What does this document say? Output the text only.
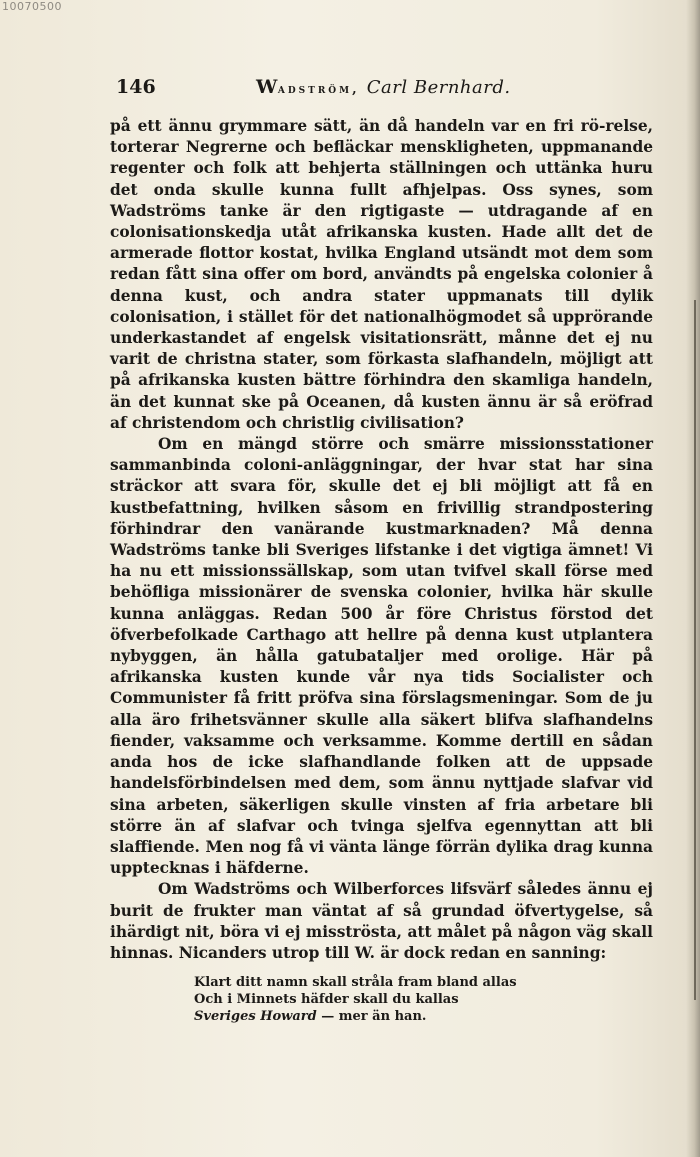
10070500
146	Wadström, Carl Bernhard.

på ett ännu grymmare sätt, än då handeln var en fri rö-relse, torterar Negrerne och befläckar menskligheten, uppmanande regenter och folk att behjerta ställningen och uttänka huru det onda skulle kunna fullt afhjelpas. Oss synes, som Wadströms tanke är den rigtigaste — utdragande af en colonisationskedja utåt afrikanska kusten. Hade allt det de armerade flottor kostat, hvilka England utsändt mot dem som redan fått sina offer om bord, användts på engelska colonier å denna kust, och andra stater uppmanats till dylik colonisation, i stället för det nationalhögmodet så upprörande underkastandet af engelsk visitationsrätt, månne det ej nu varit de christna stater, som förkasta slafhandeln, möjligt att på afrikanska kusten bättre förhindra den skamliga handeln, än det kunnat ske på Oceanen, då kusten ännu är så eröfrad af christendom och christlig civilisation?

Om en mängd större och smärre missionsstationer sammanbinda coloni-anläggningar, der hvar stat har sina sträckor att svara för, skulle det ej bli möjligt att få en kustbefattning, hvilken såsom en frivillig strandpostering förhindrar den vanärande kustmarknaden? Må denna Wadströms tanke bli Sveriges lifstanke i det vigtiga ämnet! Vi ha nu ett missionssällskap, som utan tvifvel skall förse med behöfliga missionärer de svenska colonier, hvilka här skulle kunna anläggas. Redan 500 år före Christus förstod det öfverbefolkade Carthago att hellre på denna kust utplantera nybyggen, än hålla gatubataljer med orolige. Här på afrikanska kusten kunde vår nya tids Socialister och Communister få fritt pröfva sina förslagsmeningar. Som de ju alla äro frihetsvänner skulle alla säkert blifva slafhandelns fiender, vaksamme och verksamme. Komme dertill en sådan anda hos de icke slafhandlande folken att de uppsade handelsförbindelsen med dem, som ännu nyttjade slafvar vid sina arbeten, säkerligen skulle vinsten af fria arbetare bli större än af slafvar och tvinga sjelfva egennyttan att bli slaffiende. Men nog få vi vänta länge förrän dylika drag kunna upptecknas i häfderne.

Om Wadströms och Wilberforces lifsvärf således ännu ej burit de frukter man väntat af så grundad öfvertygelse, så ihärdigt nit, böra vi ej misströsta, att målet på någon väg skall hinnas. Nicanders utrop till W. är dock redan en sanning:

Klart ditt namn skall stråla fram bland allas
Och i Minnets häfder skall du kallas
Sveriges Howard — mer än han.
